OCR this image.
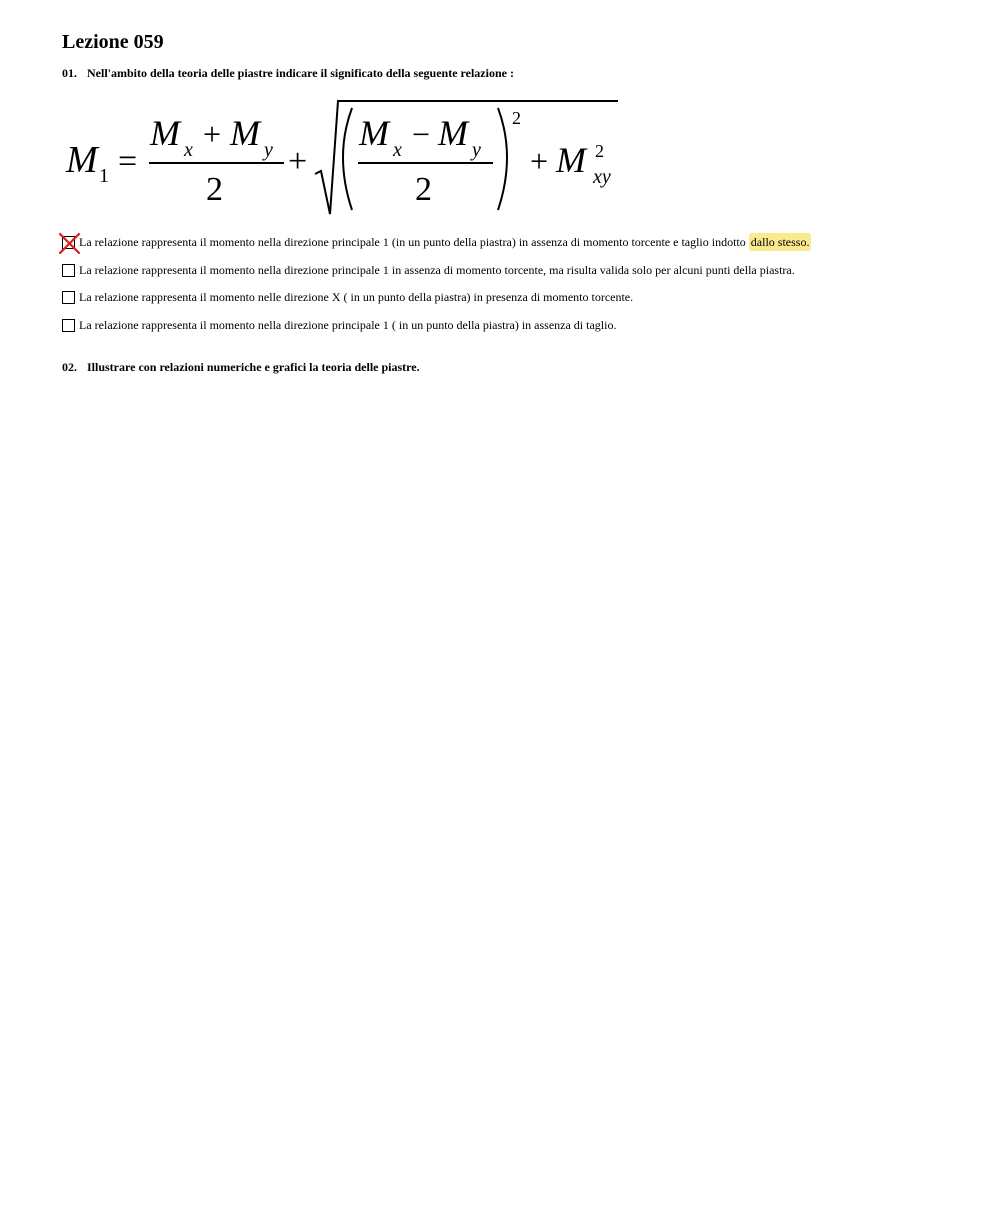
Lezione 059
01. Nell'ambito della teoria delle piastre indicare il significato della seguente relazione :
M 1 =
M x + M y
2
+
M x − M y
2
2
+ M xy
2
La relazione rappresenta il momento nella direzione principale 1 (in un punto della piastra) in assenza di momento torcente e taglio indotto dallo stesso.
La relazione rappresenta il momento nella direzione principale 1 in assenza di momento torcente, ma risulta valida solo per alcuni punti della piastra.
La relazione rappresenta il momento nelle direzione X ( in un punto della piastra) in presenza di momento torcente.
La relazione rappresenta il momento nella direzione principale 1 ( in un punto della piastra) in assenza di taglio.
02. Illustrare con relazioni numeriche e grafici la teoria delle piastre.
